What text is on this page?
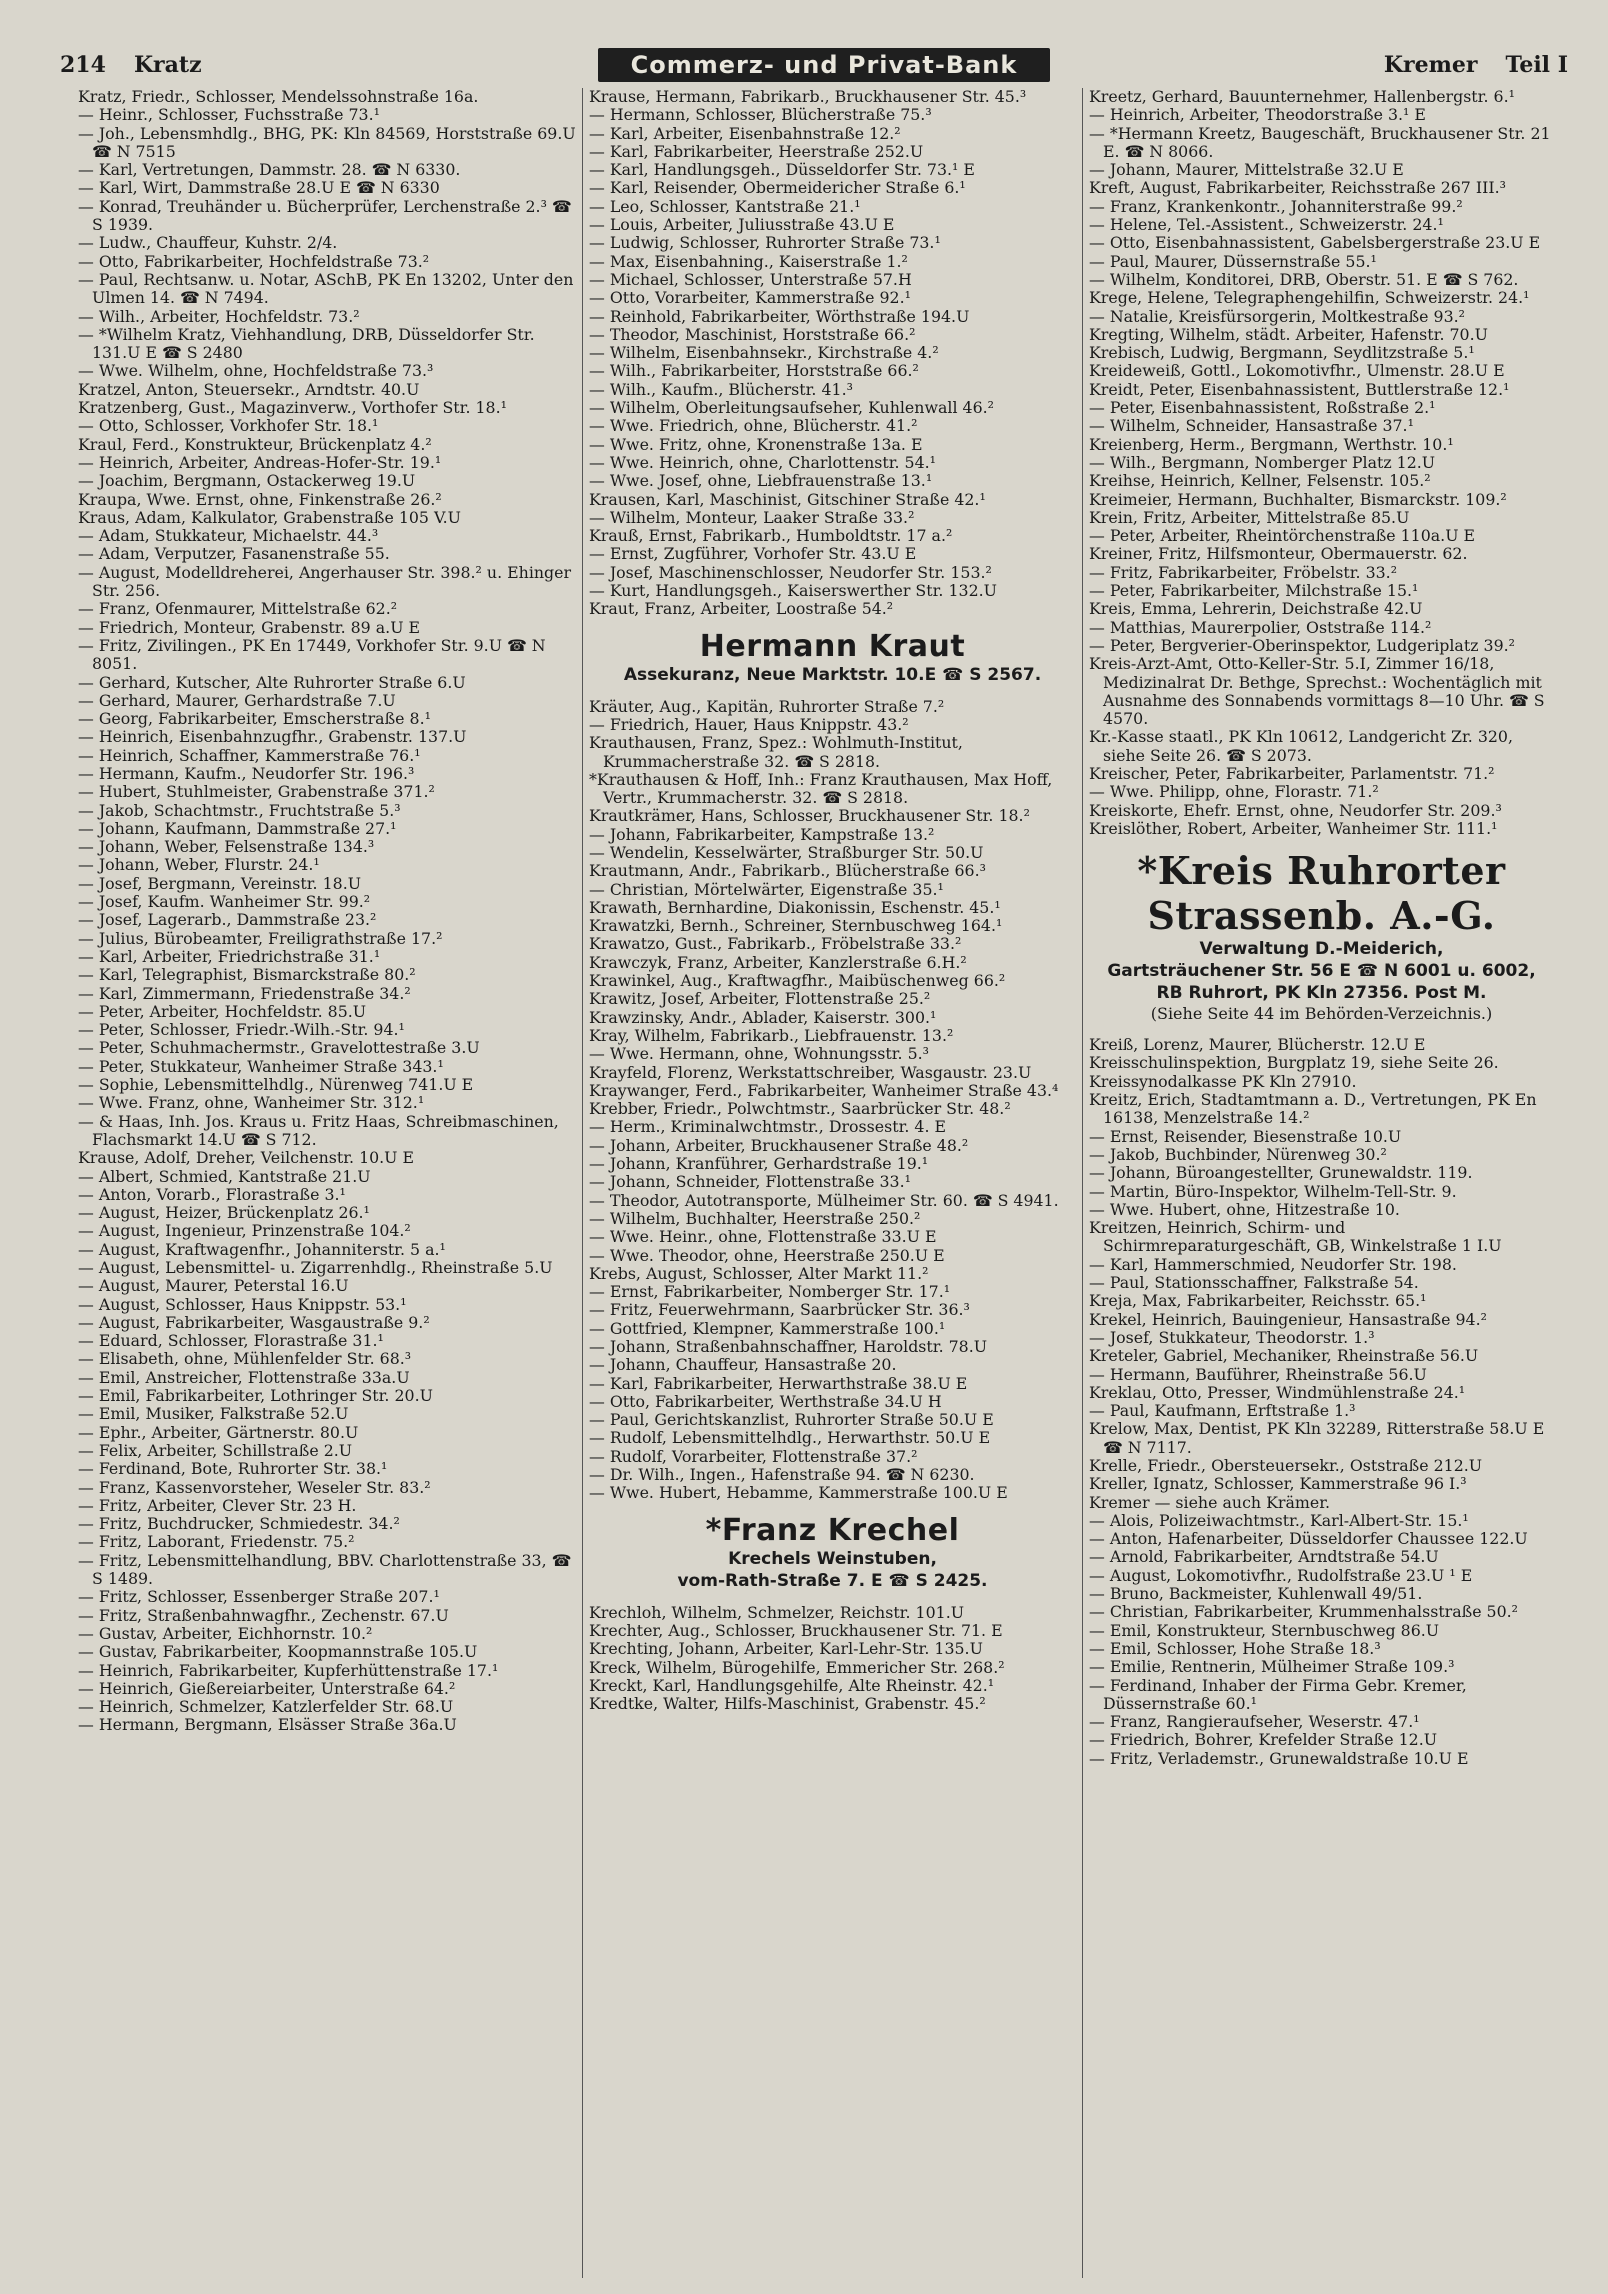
214 Kratz	Kremer Teil I
Commerz- und Privat-Bank
Kratz, Friedr., Schlosser, Mendelssohnstraße 16a.
— Heinr., Schlosser, Fuchsstraße 73.¹
— Joh., Lebensmhdlg., BHG, PK: Kln 84569, Horststraße 69.U ☎ N 7515
— Karl, Vertretungen, Dammstr. 28. ☎ N 6330.
— Karl, Wirt, Dammstraße 28.U E ☎ N 6330
— Konrad, Treuhänder u. Bücherprüfer, Lerchenstraße 2.³ ☎ S 1939.
— Ludw., Chauffeur, Kuhstr. 2/4.
— Otto, Fabrikarbeiter, Hochfeldstraße 73.²
— Paul, Rechtsanw. u. Notar, ASchB, PK En 13202, Unter den Ulmen 14. ☎ N 7494.
— Wilh., Arbeiter, Hochfeldstr. 73.²
— *Wilhelm Kratz, Viehhandlung, DRB, Düsseldorfer Str. 131.U E ☎ S 2480
— Wwe. Wilhelm, ohne, Hochfeldstraße 73.³
Kratzel, Anton, Steuersekr., Arndtstr. 40.U
Kratzenberg, Gust., Magazinverw., Vorthofer Str. 18.¹
— Otto, Schlosser, Vorkhofer Str. 18.¹
Kraul, Ferd., Konstrukteur, Brückenplatz 4.²
— Heinrich, Arbeiter, Andreas-Hofer-Str. 19.¹
— Joachim, Bergmann, Ostackerweg 19.U
Kraupa, Wwe. Ernst, ohne, Finkenstraße 26.²
Kraus, Adam, Kalkulator, Grabenstraße 105 V.U
— Adam, Stukkateur, Michaelstr. 44.³
— Adam, Verputzer, Fasanenstraße 55.
— August, Modelldreherei, Angerhauser Str. 398.² u. Ehinger Str. 256.
— Franz, Ofenmaurer, Mittelstraße 62.²
— Friedrich, Monteur, Grabenstr. 89 a.U E
— Fritz, Zivilingen., PK En 17449, Vorkhofer Str. 9.U ☎ N 8051.
— Gerhard, Kutscher, Alte Ruhrorter Straße 6.U
— Gerhard, Maurer, Gerhardstraße 7.U
— Georg, Fabrikarbeiter, Emscherstraße 8.¹
— Heinrich, Eisenbahnzugfhr., Grabenstr. 137.U
— Heinrich, Schaffner, Kammerstraße 76.¹
— Hermann, Kaufm., Neudorfer Str. 196.³
— Hubert, Stuhlmeister, Grabenstraße 371.²
— Jakob, Schachtmstr., Fruchtstraße 5.³
— Johann, Kaufmann, Dammstraße 27.¹
— Johann, Weber, Felsenstraße 134.³
— Johann, Weber, Flurstr. 24.¹
— Josef, Bergmann, Vereinstr. 18.U
— Josef, Kaufm. Wanheimer Str. 99.²
— Josef, Lagerarb., Dammstraße 23.²
— Julius, Bürobeamter, Freiligrathstraße 17.²
— Karl, Arbeiter, Friedrichstraße 31.¹
— Karl, Telegraphist, Bismarckstraße 80.²
— Karl, Zimmermann, Friedenstraße 34.²
— Peter, Arbeiter, Hochfeldstr. 85.U
— Peter, Schlosser, Friedr.-Wilh.-Str. 94.¹
— Peter, Schuhmachermstr., Gravelottestraße 3.U
— Peter, Stukkateur, Wanheimer Straße 343.¹
— Sophie, Lebensmittelhdlg., Nürenweg 741.U E
— Wwe. Franz, ohne, Wanheimer Str. 312.¹
— & Haas, Inh. Jos. Kraus u. Fritz Haas, Schreibmaschinen, Flachsmarkt 14.U ☎ S 712.
Krause, Adolf, Dreher, Veilchenstr. 10.U E
— Albert, Schmied, Kantstraße 21.U
— Anton, Vorarb., Florastraße 3.¹
— August, Heizer, Brückenplatz 26.¹
— August, Ingenieur, Prinzenstraße 104.²
— August, Kraftwagenfhr., Johanniterstr. 5 a.¹
— August, Lebensmittel- u. Zigarrenhdlg., Rheinstraße 5.U
— August, Maurer, Peterstal 16.U
— August, Schlosser, Haus Knippstr. 53.¹
— August, Fabrikarbeiter, Wasgaustraße 9.²
— Eduard, Schlosser, Florastraße 31.¹
— Elisabeth, ohne, Mühlenfelder Str. 68.³
— Emil, Anstreicher, Flottenstraße 33a.U
— Emil, Fabrikarbeiter, Lothringer Str. 20.U
— Emil, Musiker, Falkstraße 52.U
— Ephr., Arbeiter, Gärtnerstr. 80.U
— Felix, Arbeiter, Schillstraße 2.U
— Ferdinand, Bote, Ruhrorter Str. 38.¹
— Franz, Kassenvorsteher, Weseler Str. 83.²
— Fritz, Arbeiter, Clever Str. 23 H.
— Fritz, Buchdrucker, Schmiedestr. 34.²
— Fritz, Laborant, Friedenstr. 75.²
— Fritz, Lebensmittelhandlung, BBV. Charlottenstraße 33, ☎ S 1489.
— Fritz, Schlosser, Essenberger Straße 207.¹
— Fritz, Straßenbahnwagfhr., Zechenstr. 67.U
— Gustav, Arbeiter, Eichhornstr. 10.²
— Gustav, Fabrikarbeiter, Koopmannstraße 105.U
— Heinrich, Fabrikarbeiter, Kupferhüttenstraße 17.¹
— Heinrich, Gießereiarbeiter, Unterstraße 64.²
— Heinrich, Schmelzer, Katzlerfelder Str. 68.U
— Hermann, Bergmann, Elsässer Straße 36a.U
Krause, Hermann, Fabrikarb., Bruckhausener Str. 45.³
— Hermann, Schlosser, Blücherstraße 75.³
— Karl, Arbeiter, Eisenbahnstraße 12.²
— Karl, Fabrikarbeiter, Heerstraße 252.U
— Karl, Handlungsgeh., Düsseldorfer Str. 73.¹ E
— Karl, Reisender, Obermeidericher Straße 6.¹
— Leo, Schlosser, Kantstraße 21.¹
— Louis, Arbeiter, Juliusstraße 43.U E
— Ludwig, Schlosser, Ruhrorter Straße 73.¹
— Max, Eisenbahning., Kaiserstraße 1.²
— Michael, Schlosser, Unterstraße 57.H
— Otto, Vorarbeiter, Kammerstraße 92.¹
— Reinhold, Fabrikarbeiter, Wörthstraße 194.U
— Theodor, Maschinist, Horststraße 66.²
— Wilhelm, Eisenbahnsekr., Kirchstraße 4.²
— Wilh., Fabrikarbeiter, Horststraße 66.²
— Wilh., Kaufm., Blücherstr. 41.³
— Wilhelm, Oberleitungsaufseher, Kuhlenwall 46.²
— Wwe. Friedrich, ohne, Blücherstr. 41.²
— Wwe. Fritz, ohne, Kronenstraße 13a. E
— Wwe. Heinrich, ohne, Charlottenstr. 54.¹
— Wwe. Josef, ohne, Liebfrauenstraße 13.¹
Krausen, Karl, Maschinist, Gitschiner Straße 42.¹
— Wilhelm, Monteur, Laaker Straße 33.²
Krauß, Ernst, Fabrikarb., Humboldtstr. 17 a.²
— Ernst, Zugführer, Vorhofer Str. 43.U E
— Josef, Maschinenschlosser, Neudorfer Str. 153.²
— Kurt, Handlungsgeh., Kaiserswerther Str. 132.U
Kraut, Franz, Arbeiter, Loostraße 54.²
Hermann Kraut
Assekuranz, Neue Marktstr. 10.E ☎ S 2567.
Kräuter, Aug., Kapitän, Ruhrorter Straße 7.²
— Friedrich, Hauer, Haus Knippstr. 43.²
Krauthausen, Franz, Spez.: Wohlmuth-Institut, Krummacherstraße 32. ☎ S 2818.
*Krauthausen & Hoff, Inh.: Franz Krauthausen, Max Hoff, Vertr., Krummacherstr. 32. ☎ S 2818.
Krautkrämer, Hans, Schlosser, Bruckhausener Str. 18.²
— Johann, Fabrikarbeiter, Kampstraße 13.²
— Wendelin, Kesselwärter, Straßburger Str. 50.U
Krautmann, Andr., Fabrikarb., Blücherstraße 66.³
— Christian, Mörtelwärter, Eigenstraße 35.¹
Krawath, Bernhardine, Diakonissin, Eschenstr. 45.¹
Krawatzki, Bernh., Schreiner, Sternbuschweg 164.¹
Krawatzo, Gust., Fabrikarb., Fröbelstraße 33.²
Krawczyk, Franz, Arbeiter, Kanzlerstraße 6.H.²
Krawinkel, Aug., Kraftwagfhr., Maibüschenweg 66.²
Krawitz, Josef, Arbeiter, Flottenstraße 25.²
Krawzinsky, Andr., Ablader, Kaiserstr. 300.¹
Kray, Wilhelm, Fabrikarb., Liebfrauenstr. 13.²
— Wwe. Hermann, ohne, Wohnungsstr. 5.³
Krayfeld, Florenz, Werkstattschreiber, Wasgaustr. 23.U
Kraywanger, Ferd., Fabrikarbeiter, Wanheimer Straße 43.⁴
Krebber, Friedr., Polwchtmstr., Saarbrücker Str. 48.²
— Herm., Kriminalwchtmstr., Drossestr. 4. E
— Johann, Arbeiter, Bruckhausener Straße 48.²
— Johann, Kranführer, Gerhardstraße 19.¹
— Johann, Schneider, Flottenstraße 33.¹
— Theodor, Autotransporte, Mülheimer Str. 60. ☎ S 4941.
— Wilhelm, Buchhalter, Heerstraße 250.²
— Wwe. Heinr., ohne, Flottenstraße 33.U E
— Wwe. Theodor, ohne, Heerstraße 250.U E
Krebs, August, Schlosser, Alter Markt 11.²
— Ernst, Fabrikarbeiter, Nomberger Str. 17.¹
— Fritz, Feuerwehrmann, Saarbrücker Str. 36.³
— Gottfried, Klempner, Kammerstraße 100.¹
— Johann, Straßenbahnschaffner, Haroldstr. 78.U
— Johann, Chauffeur, Hansastraße 20.
— Karl, Fabrikarbeiter, Herwarthstraße 38.U E
— Otto, Fabrikarbeiter, Werthstraße 34.U H
— Paul, Gerichtskanzlist, Ruhrorter Straße 50.U E
— Rudolf, Lebensmittelhdlg., Herwarthstr. 50.U E
— Rudolf, Vorarbeiter, Flottenstraße 37.²
— Dr. Wilh., Ingen., Hafenstraße 94. ☎ N 6230.
— Wwe. Hubert, Hebamme, Kammerstraße 100.U E
*Franz Krechel
Krechels Weinstuben,
vom-Rath-Straße 7. E ☎ S 2425.
Krechloh, Wilhelm, Schmelzer, Reichstr. 101.U
Krechter, Aug., Schlosser, Bruckhausener Str. 71. E
Krechting, Johann, Arbeiter, Karl-Lehr-Str. 135.U
Kreck, Wilhelm, Bürogehilfe, Emmericher Str. 268.²
Kreckt, Karl, Handlungsgehilfe, Alte Rheinstr. 42.¹
Kredtke, Walter, Hilfs-Maschinist, Grabenstr. 45.²
Kreetz, Gerhard, Bauunternehmer, Hallenbergstr. 6.¹
— Heinrich, Arbeiter, Theodorstraße 3.¹ E
— *Hermann Kreetz, Baugeschäft, Bruckhausener Str. 21 E. ☎ N 8066.
— Johann, Maurer, Mittelstraße 32.U E
Kreft, August, Fabrikarbeiter, Reichsstraße 267 III.³
— Franz, Krankenkontr., Johanniterstraße 99.²
— Helene, Tel.-Assistent., Schweizerstr. 24.¹
— Otto, Eisenbahnassistent, Gabelsbergerstraße 23.U E
— Paul, Maurer, Düssernstraße 55.¹
— Wilhelm, Konditorei, DRB, Oberstr. 51. E ☎ S 762.
Krege, Helene, Telegraphengehilfin, Schweizerstr. 24.¹
— Natalie, Kreisfürsorgerin, Moltkestraße 93.²
Kregting, Wilhelm, städt. Arbeiter, Hafenstr. 70.U
Krebisch, Ludwig, Bergmann, Seydlitzstraße 5.¹
Kreideweiß, Gottl., Lokomotivfhr., Ulmenstr. 28.U E
Kreidt, Peter, Eisenbahnassistent, Buttlerstraße 12.¹
— Peter, Eisenbahnassistent, Roßstraße 2.¹
— Wilhelm, Schneider, Hansastraße 37.¹
Kreienberg, Herm., Bergmann, Werthstr. 10.¹
— Wilh., Bergmann, Nomberger Platz 12.U
Kreihse, Heinrich, Kellner, Felsenstr. 105.²
Kreimeier, Hermann, Buchhalter, Bismarckstr. 109.²
Krein, Fritz, Arbeiter, Mittelstraße 85.U
— Peter, Arbeiter, Rheintörchenstraße 110a.U E
Kreiner, Fritz, Hilfsmonteur, Obermauerstr. 62.
— Fritz, Fabrikarbeiter, Fröbelstr. 33.²
— Peter, Fabrikarbeiter, Milchstraße 15.¹
Kreis, Emma, Lehrerin, Deichstraße 42.U
— Matthias, Maurerpolier, Oststraße 114.²
— Peter, Bergverier-Oberinspektor, Ludgeriplatz 39.²
Kreis-Arzt-Amt, Otto-Keller-Str. 5.I, Zimmer 16/18, Medizinalrat Dr. Bethge, Sprechst.: Wochentäglich mit Ausnahme des Sonnabends vormittags 8—10 Uhr. ☎ S 4570.
Kr.-Kasse staatl., PK Kln 10612, Landgericht Zr. 320, siehe Seite 26. ☎ S 2073.
Kreischer, Peter, Fabrikarbeiter, Parlamentstr. 71.²
— Wwe. Philipp, ohne, Florastr. 71.²
Kreiskorte, Ehefr. Ernst, ohne, Neudorfer Str. 209.³
Kreislöther, Robert, Arbeiter, Wanheimer Str. 111.¹
*Kreis Ruhrorter Strassenb. A.-G.
Verwaltung D.-Meiderich,
Gartsträuchener Str. 56 E ☎ N 6001 u. 6002,
RB Ruhrort, PK Kln 27356. Post M.
(Siehe Seite 44 im Behörden-Verzeichnis.)
Kreiß, Lorenz, Maurer, Blücherstr. 12.U E
Kreisschulinspektion, Burgplatz 19, siehe Seite 26.
Kreissynodalkasse PK Kln 27910.
Kreitz, Erich, Stadtamtmann a. D., Vertretungen, PK En 16138, Menzelstraße 14.²
— Ernst, Reisender, Biesenstraße 10.U
— Jakob, Buchbinder, Nürenweg 30.²
— Johann, Büroangestellter, Grunewaldstr. 119.
— Martin, Büro-Inspektor, Wilhelm-Tell-Str. 9.
— Wwe. Hubert, ohne, Hitzestraße 10.
Kreitzen, Heinrich, Schirm- und Schirmreparaturgeschäft, GB, Winkelstraße 1 I.U
— Karl, Hammerschmied, Neudorfer Str. 198.
— Paul, Stationsschaffner, Falkstraße 54.
Kreja, Max, Fabrikarbeiter, Reichsstr. 65.¹
Krekel, Heinrich, Bauingenieur, Hansastraße 94.²
— Josef, Stukkateur, Theodorstr. 1.³
Kreteler, Gabriel, Mechaniker, Rheinstraße 56.U
— Hermann, Bauführer, Rheinstraße 56.U
Kreklau, Otto, Presser, Windmühlenstraße 24.¹
— Paul, Kaufmann, Erftstraße 1.³
Krelow, Max, Dentist, PK Kln 32289, Ritterstraße 58.U E ☎ N 7117.
Krelle, Friedr., Obersteuersekr., Oststraße 212.U
Kreller, Ignatz, Schlosser, Kammerstraße 96 I.³
Kremer — siehe auch Krämer.
— Alois, Polizeiwachtmstr., Karl-Albert-Str. 15.¹
— Anton, Hafenarbeiter, Düsseldorfer Chaussee 122.U
— Arnold, Fabrikarbeiter, Arndtstraße 54.U
— August, Lokomotivfhr., Rudolfstraße 23.U ¹ E
— Bruno, Backmeister, Kuhlenwall 49/51.
— Christian, Fabrikarbeiter, Krummenhalsstraße 50.²
— Emil, Konstrukteur, Sternbuschweg 86.U
— Emil, Schlosser, Hohe Straße 18.³
— Emilie, Rentnerin, Mülheimer Straße 109.³
— Ferdinand, Inhaber der Firma Gebr. Kremer, Düssernstraße 60.¹
— Franz, Rangieraufseher, Weserstr. 47.¹
— Friedrich, Bohrer, Krefelder Straße 12.U
— Fritz, Verlademstr., Grunewaldstraße 10.U E
